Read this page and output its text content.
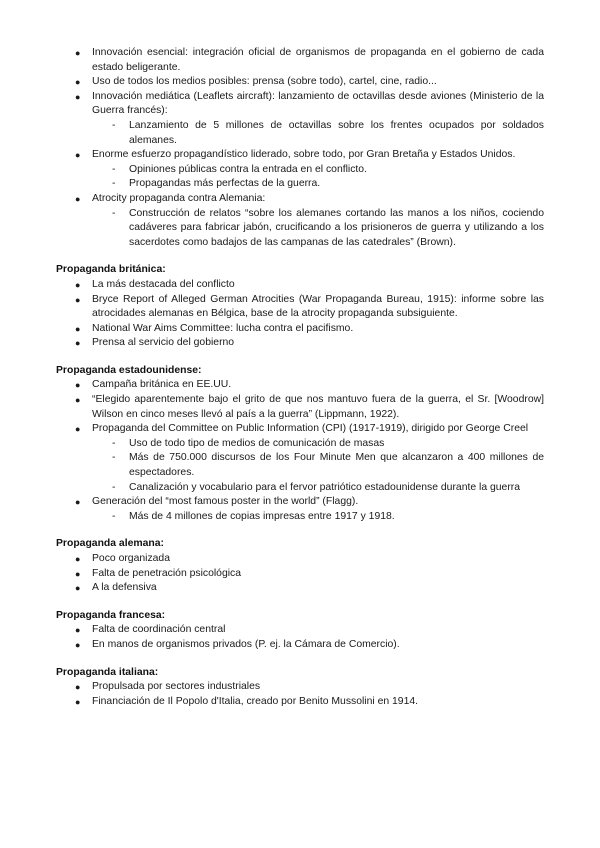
● Innovación esencial: integración oficial de organismos de propaganda en el gobierno de cada estado beligerante.
● Uso de todos los medios posibles: prensa (sobre todo), cartel, cine, radio...
● Innovación mediática (Leaflets aircraft): lanzamiento de octavillas desde aviones (Ministerio de la Guerra francés):
- Lanzamiento de 5 millones de octavillas sobre los frentes ocupados por soldados alemanes.
● Enorme esfuerzo propagandístico liderado, sobre todo, por Gran Bretaña y Estados Unidos.
- Opiniones públicas contra la entrada en el conflicto.
- Propagandas más perfectas de la guerra.
● Atrocity propaganda contra Alemania:
- Construcción de relatos “sobre los alemanes cortando las manos a los niños, cociendo cadáveres para fabricar jabón, crucificando a los prisioneros de guerra y utilizando a los sacerdotes como badajos de las campanas de las catedrales” (Brown).

Propaganda británica:

● La más destacada del conflicto
● Bryce Report of Alleged German Atrocities (War Propaganda Bureau, 1915): informe sobre las atrocidades alemanas en Bélgica, base de la atrocity propaganda subsiguiente.
● National War Aims Committee: lucha contra el pacifismo.
● Prensa al servicio del gobierno

Propaganda estadounidense:

● Campaña británica en EE.UU.
● “Elegido aparentemente bajo el grito de que nos mantuvo fuera de la guerra, el Sr. [Woodrow] Wilson en cinco meses llevó al país a la guerra” (Lippmann, 1922).
● Propaganda del Committee on Public Information (CPI) (1917-1919), dirigido por George Creel
- Uso de todo tipo de medios de comunicación de masas
- Más de 750.000 discursos de los Four Minute Men que alcanzaron a 400 millones de espectadores.
- Canalización y vocabulario para el fervor patriótico estadounidense durante la guerra
● Generación del “most famous poster in the world” (Flagg).
- Más de 4 millones de copias impresas entre 1917 y 1918.

Propaganda alemana:

● Poco organizada
● Falta de penetración psicológica
● A la defensiva

Propaganda francesa:

● Falta de coordinación central
● En manos de organismos privados (P. ej. la Cámara de Comercio).

Propaganda italiana:

● Propulsada por sectores industriales
● Financiación de Il Popolo d'Italia, creado por Benito Mussolini en 1914.
